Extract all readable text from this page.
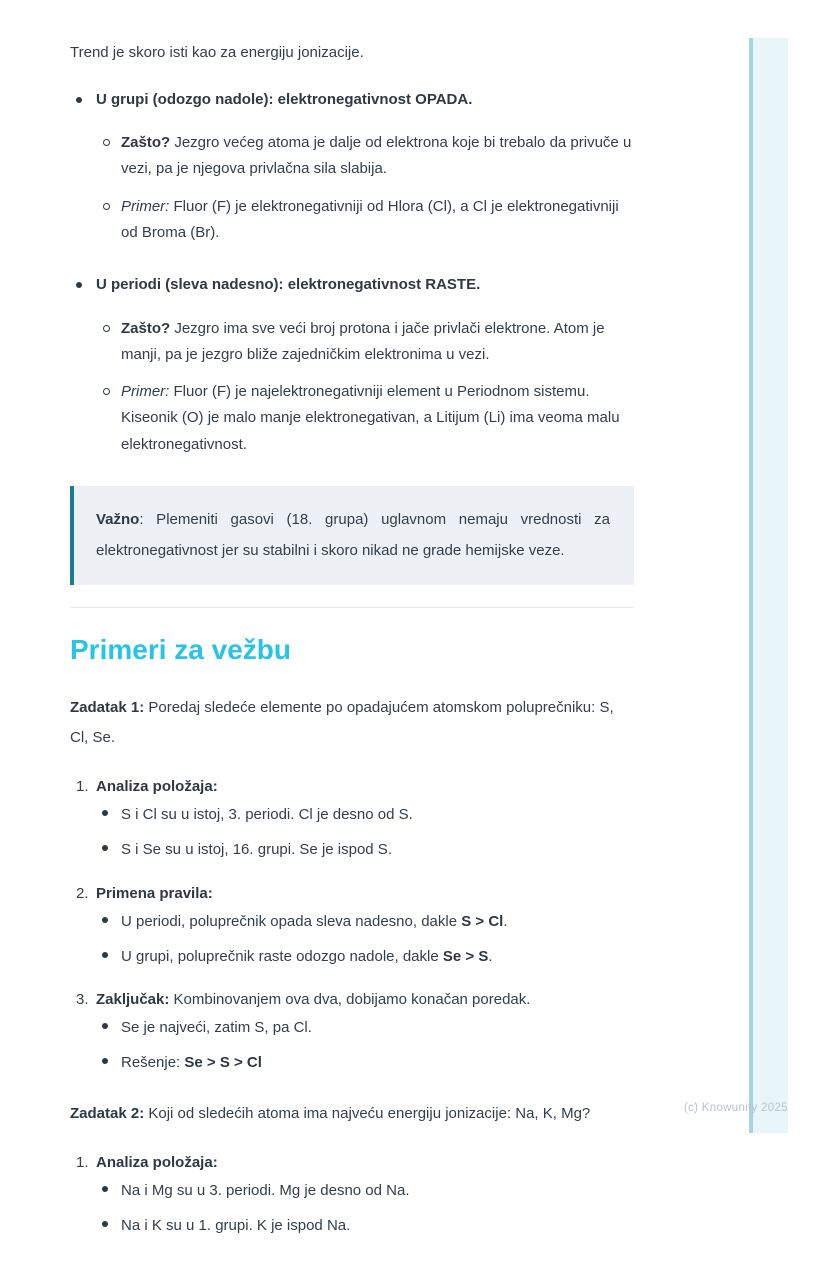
(c) Knowunity 2025

Trend je skoro isti kao za energiju jonizacije.

U grupi (odozgo nadole): elektronegativnost OPADA.

Zašto? Jezgro većeg atoma je dalje od elektrona koje bi trebalo da privuče u vezi, pa je njegova privlačna sila slabija.

Primer: Fluor (F) je elektronegativniji od Hlora (Cl), a Cl je elektronegativniji od Broma (Br).

U periodi (sleva nadesno): elektronegativnost RASTE.

Zašto? Jezgro ima sve veći broj protona i jače privlači elektrone. Atom je manji, pa je jezgro bliže zajedničkim elektronima u vezi.

Primer: Fluor (F) je najelektronegativniji element u Periodnom sistemu. Kiseonik (O) je malo manje elektronegativan, a Litijum (Li) ima veoma malu elektronegativnost.

Važno: Plemeniti gasovi (18. grupa) uglavnom nemaju vrednosti za elektronegativnost jer su stabilni i skoro nikad ne grade hemijske veze.

Primeri za vežbu

Zadatak 1: Poredaj sledeće elemente po opadajućem atomskom poluprečniku: S, Cl, Se.

1. Analiza položaja:

S i Cl su u istoj, 3. periodi. Cl je desno od S.

S i Se su u istoj, 16. grupi. Se je ispod S.

2. Primena pravila:

U periodi, poluprečnik opada sleva nadesno, dakle S > Cl.

U grupi, poluprečnik raste odozgo nadole, dakle Se > S.

3. Zaključak: Kombinovanjem ova dva, dobijamo konačan poredak.

Se je najveći, zatim S, pa Cl.

Rešenje: Se > S > Cl

Zadatak 2: Koji od sledećih atoma ima najveću energiju jonizacije: Na, K, Mg?

1. Analiza položaja:

Na i Mg su u 3. periodi. Mg je desno od Na.

Na i K su u 1. grupi. K je ispod Na.
